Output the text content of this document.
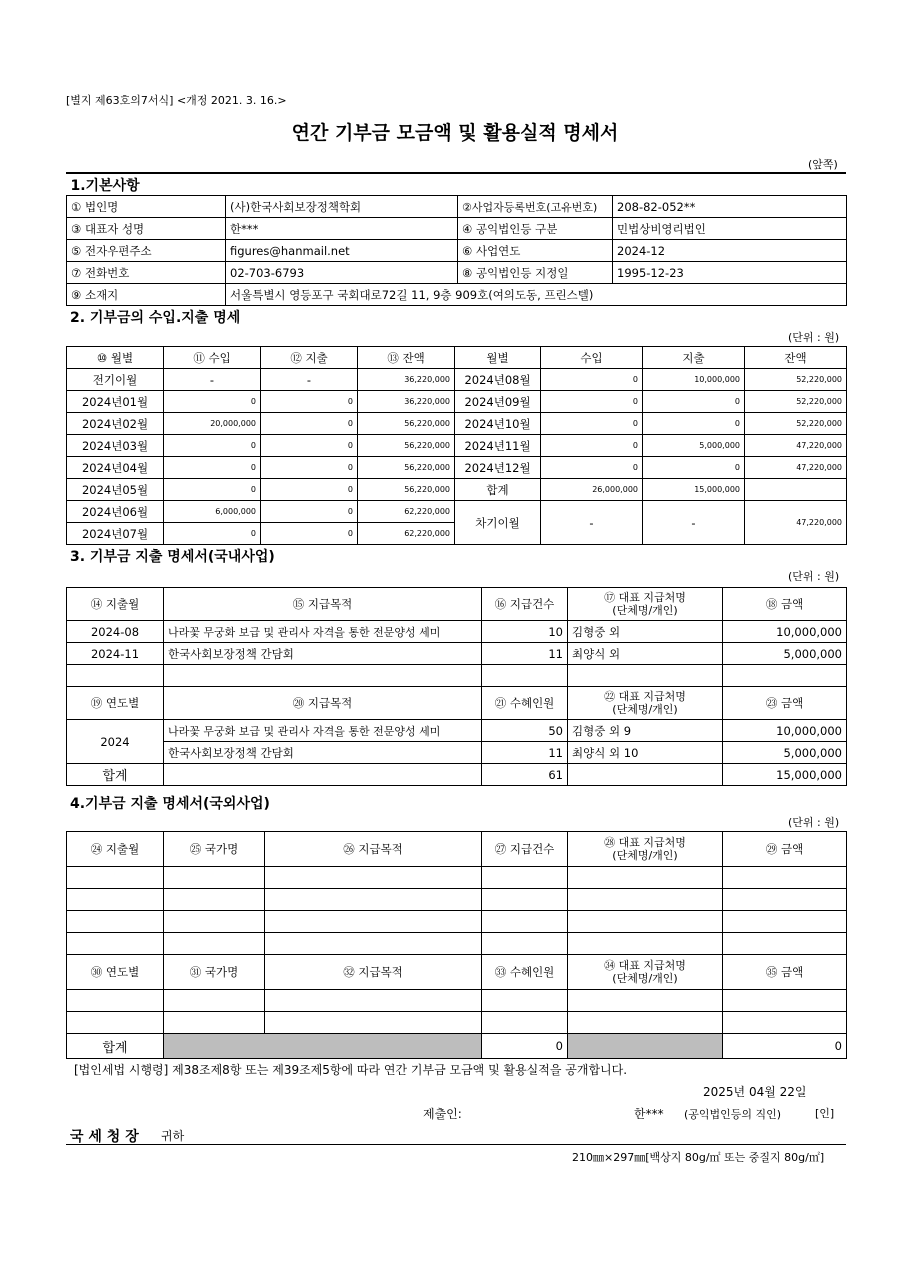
[별지 제63호의7서식] <개정 2021. 3. 16.>
연간 기부금 모금액 및 활용실적 명세서
(앞쪽)
1.기본사항			
① 법인명	(사)한국사회보장정책학회	②사업자등록번호(고유번호)	208-82-052**
③ 대표자 성명	한***	④ 공익법인등 구분	민법상비영리법인
⑤ 전자우편주소	figures@hanmail.net	⑥ 사업연도	2024-12
⑦ 전화번호	02-703-6793	⑧ 공익법인등 지정일	1995-12-23
⑨ 소재지	서울특별시 영등포구 국회대로72길 11, 9층 909호(여의도동, 프린스텔)		
2. 기부금의 수입.지출 명세
(단위 : 원)
⑩ 월별	⑪ 수입	⑫ 지출	⑬ 잔액	월별	수입	지출	잔액
전기이월	-	-	36,220,000	2024년08월	0	10,000,000	52,220,000
2024년01월	0	0	36,220,000	2024년09월	0	0	52,220,000
2024년02월	20,000,000	0	56,220,000	2024년10월	0	0	52,220,000
2024년03월	0	0	56,220,000	2024년11월	0	5,000,000	47,220,000
2024년04월	0	0	56,220,000	2024년12월	0	0	47,220,000
2024년05월	0	0	56,220,000	합계	26,000,000	15,000,000	
2024년06월	6,000,000	0	62,220,000	차기이월	-	-	47,220,000
2024년07월	0	0	62,220,000				
3. 기부금 지출 명세서(국내사업)
(단위 : 원)
⑭ 지출월	⑮ 지급목적	⑯ 지급건수	⑰ 대표 지급처명
(단체명/개인)	⑱ 금액
2024-08	나라꽃 무궁화 보급 및 관리사 자격을 통한 전문양성 세미	10	김형중 외	10,000,000
2024-11	한국사회보장정책 간담회	11	최양식 외	5,000,000

⑲ 연도별	⑳ 지급목적	㉑ 수혜인원	㉒ 대표 지급처명
(단체명/개인)	㉓ 금액
2024	나라꽃 무궁화 보급 및 관리사 자격을 통한 전문양성 세미	50	김형중 외 9	10,000,000
	한국사회보장정책 간담회	11	최양식 외 10	5,000,000
합계		61		15,000,000
4.기부금 지출 명세서(국외사업)
(단위 : 원)
㉔ 지출월	㉕ 국가명	㉖ 지급목적	㉗ 지급건수	㉘ 대표 지급처명
(단체명/개인)	㉙ 금액

㉚ 연도별	㉛ 국가명	㉜ 지급목적	㉝ 수혜인원	㉞ 대표 지급처명
(단체명/개인)	㉟ 금액

합계			0		0
[법인세법 시행령] 제38조제8항 또는 제39조제5항에 따라 연간 기부금 모금액 및 활용실적을 공개합니다.
2025년 04월 22일
제출인:	한*** (공익법인등의 직인)	[인]
국 세 청 장 귀하
210㎜×297㎜[백상지 80g/㎡ 또는 중질지 80g/㎡]
